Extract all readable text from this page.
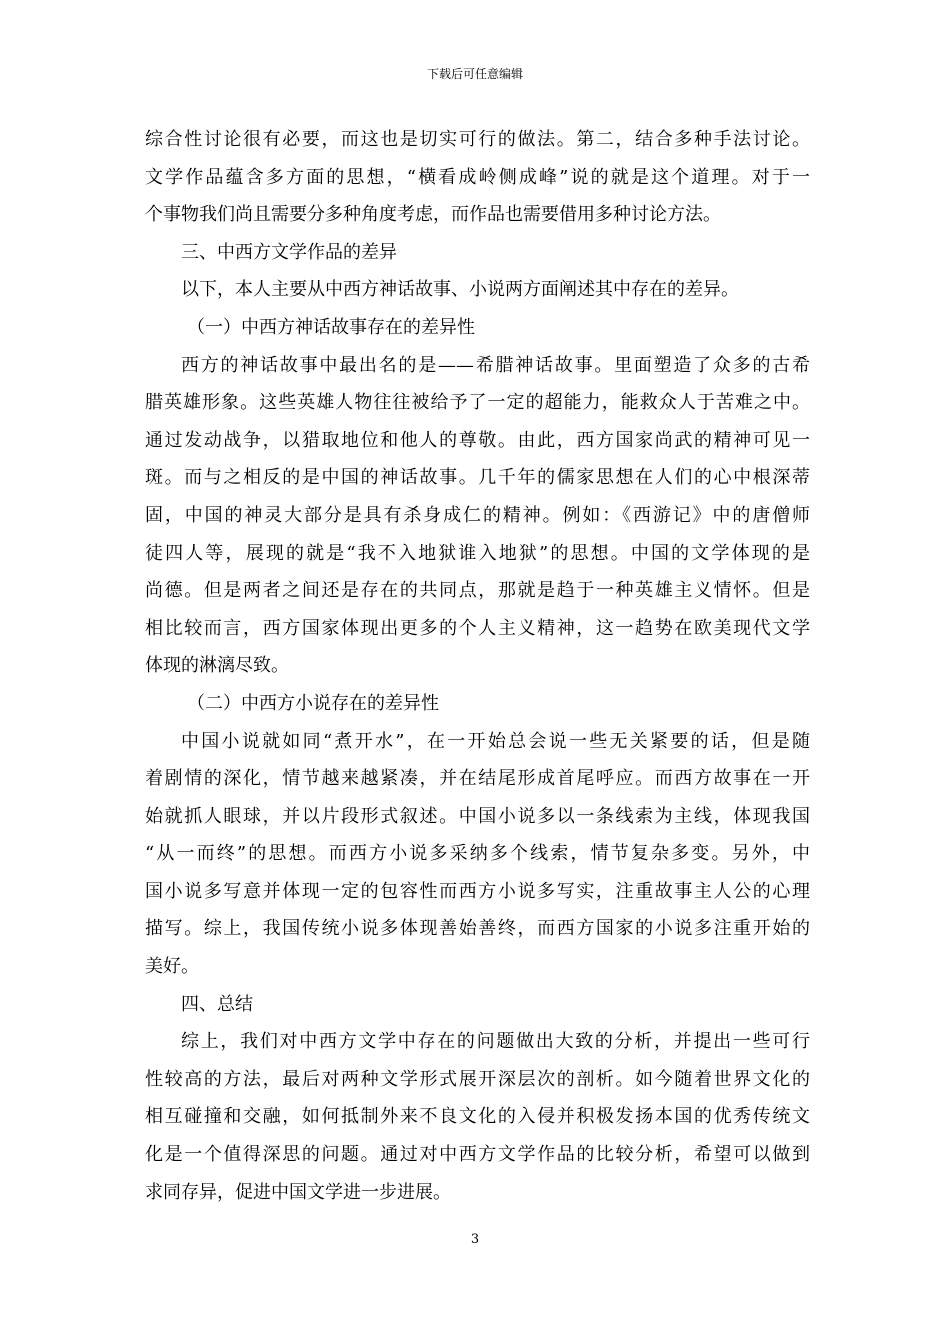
下载后可任意编辑
综合性讨论很有必要，而这也是切实可行的做法。第二，结合多种手法讨论。
文学作品蕴含多方面的思想，“横看成岭侧成峰”说的就是这个道理。对于一
个事物我们尚且需要分多种角度考虑，而作品也需要借用多种讨论方法。
三、中西方文学作品的差异
以下，本人主要从中西方神话故事、小说两方面阐述其中存在的差异。
（一）中西方神话故事存在的差异性
西方的神话故事中最出名的是——希腊神话故事。里面塑造了众多的古希
腊英雄形象。这些英雄人物往往被给予了一定的超能力，能救众人于苦难之中。
通过发动战争，以猎取地位和他人的尊敬。由此，西方国家尚武的精神可见一
斑。而与之相反的是中国的神话故事。几千年的儒家思想在人们的心中根深蒂
固，中国的神灵大部分是具有杀身成仁的精神。例如：《西游记》中的唐僧师
徒四人等，展现的就是“我不入地狱谁入地狱”的思想。中国的文学体现的是
尚德。但是两者之间还是存在的共同点，那就是趋于一种英雄主义情怀。但是
相比较而言，西方国家体现出更多的个人主义精神，这一趋势在欧美现代文学
体现的淋漓尽致。
（二）中西方小说存在的差异性
中国小说就如同“煮开水”，在一开始总会说一些无关紧要的话，但是随
着剧情的深化，情节越来越紧凑，并在结尾形成首尾呼应。而西方故事在一开
始就抓人眼球，并以片段形式叙述。中国小说多以一条线索为主线，体现我国
“从一而终”的思想。而西方小说多采纳多个线索，情节复杂多变。另外，中
国小说多写意并体现一定的包容性而西方小说多写实，注重故事主人公的心理
描写。综上，我国传统小说多体现善始善终，而西方国家的小说多注重开始的
美好。
四、总结
综上，我们对中西方文学中存在的问题做出大致的分析，并提出一些可行
性较高的方法，最后对两种文学形式展开深层次的剖析。如今随着世界文化的
相互碰撞和交融，如何抵制外来不良文化的入侵并积极发扬本国的优秀传统文
化是一个值得深思的问题。通过对中西方文学作品的比较分析，希望可以做到
求同存异，促进中国文学进一步进展。
3
